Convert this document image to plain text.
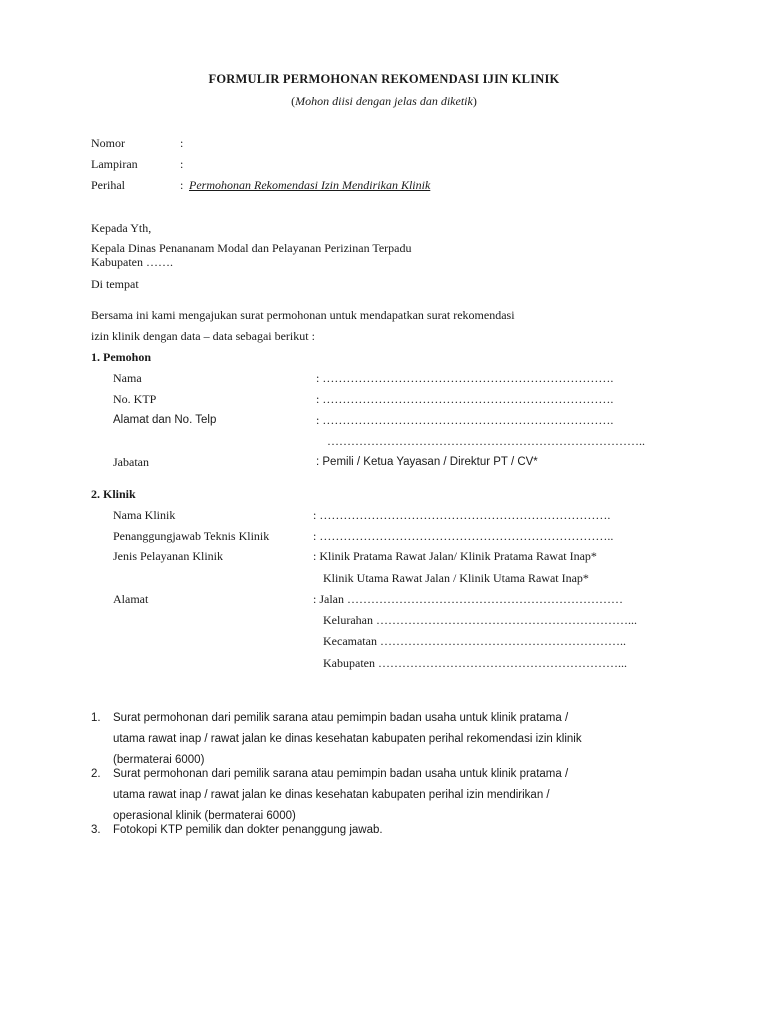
FORMULIR PERMOHONAN REKOMENDASI IJIN KLINIK
(Mohon diisi dengan jelas dan diketik)
Nomor	:
Lampiran	:
Perihal	: Permohonan Rekomendasi Izin Mendirikan Klinik
Kepada Yth,
Kepala Dinas Penananam Modal dan Pelayanan Perizinan Terpadu
Kabupaten …….
Di tempat
Bersama ini kami mengajukan surat permohonan untuk mendapatkan surat rekomendasi
izin klinik dengan data – data sebagai berikut :
1. Pemohon
Nama	: ……………………………………………………………….
No. KTP	: ……………………………………………………………….
Alamat dan No. Telp	: ……………………………………………………………….
……………………………………………………………………..
Jabatan	: Pemili / Ketua Yayasan / Direktur PT / CV*
2. Klinik
Nama Klinik	: ……………………………………………………………….
Penanggungjawab Teknis Klinik	: ………………………………………………………………..
Jenis Pelayanan Klinik	: Klinik Pratama Rawat Jalan/ Klinik Pratama Rawat Inap*
Klinik Utama Rawat Jalan / Klinik Utama Rawat Inap*
Alamat	: Jalan ……………………………………………………………
Kelurahan ………………………………………………………...
Kecamatan ……………………………………………………..
Kabupaten ……………………………………………………...
1. Surat permohonan dari pemilik sarana atau pemimpin badan usaha untuk klinik pratama /
utama rawat inap / rawat jalan ke dinas kesehatan kabupaten perihal rekomendasi izin klinik
(bermaterai 6000)
2. Surat permohonan dari pemilik sarana atau pemimpin badan usaha untuk klinik pratama /
utama rawat inap / rawat jalan ke dinas kesehatan kabupaten perihal izin mendirikan /
operasional klinik (bermaterai 6000)
3. Fotokopi KTP pemilik dan dokter penanggung jawab.
